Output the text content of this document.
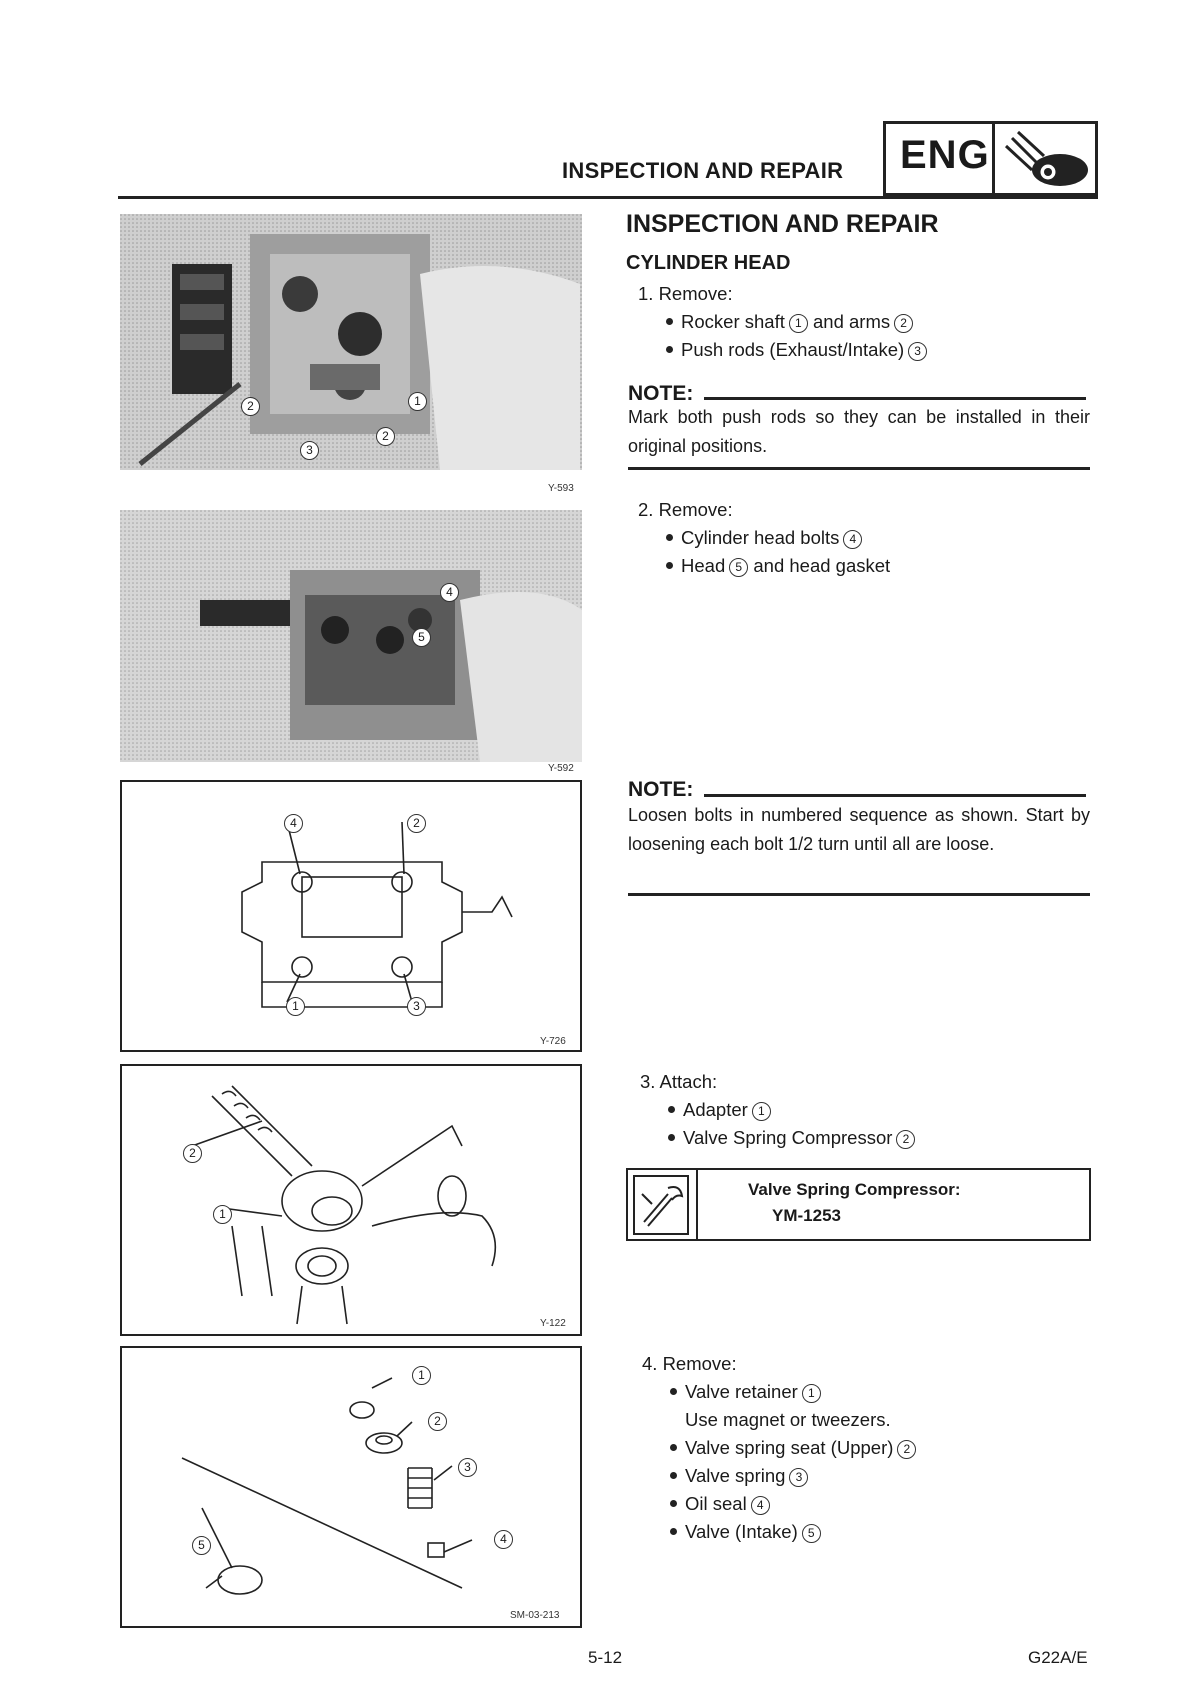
INSPECTION AND REPAIR ENG
Y-593
1
2
2
3
Y-592
4
5
4	2
1	3
Y-726
2
1
Y-122
1
2
3
4
5
SM-03-213
INSPECTION AND REPAIR
CYLINDER HEAD
1. Remove:
Rocker shaft 1 and arms 2
Push rods (Exhaust/Intake) 3
NOTE:
Mark both push rods so they can be installed in their original positions.
2. Remove:
Cylinder head bolts 4
Head 5 and head gasket
NOTE:
Loosen bolts in numbered sequence as shown. Start by loosening each bolt 1/2 turn until all are loose.
3. Attach:
Adapter 1
Valve Spring Compressor 2
Valve Spring Compressor:
YM-1253
4. Remove:
Valve retainer 1
Use magnet or tweezers.
Valve spring seat (Upper) 2
Valve spring 3
Oil seal 4
Valve (Intake) 5
5-12	G22A/E
